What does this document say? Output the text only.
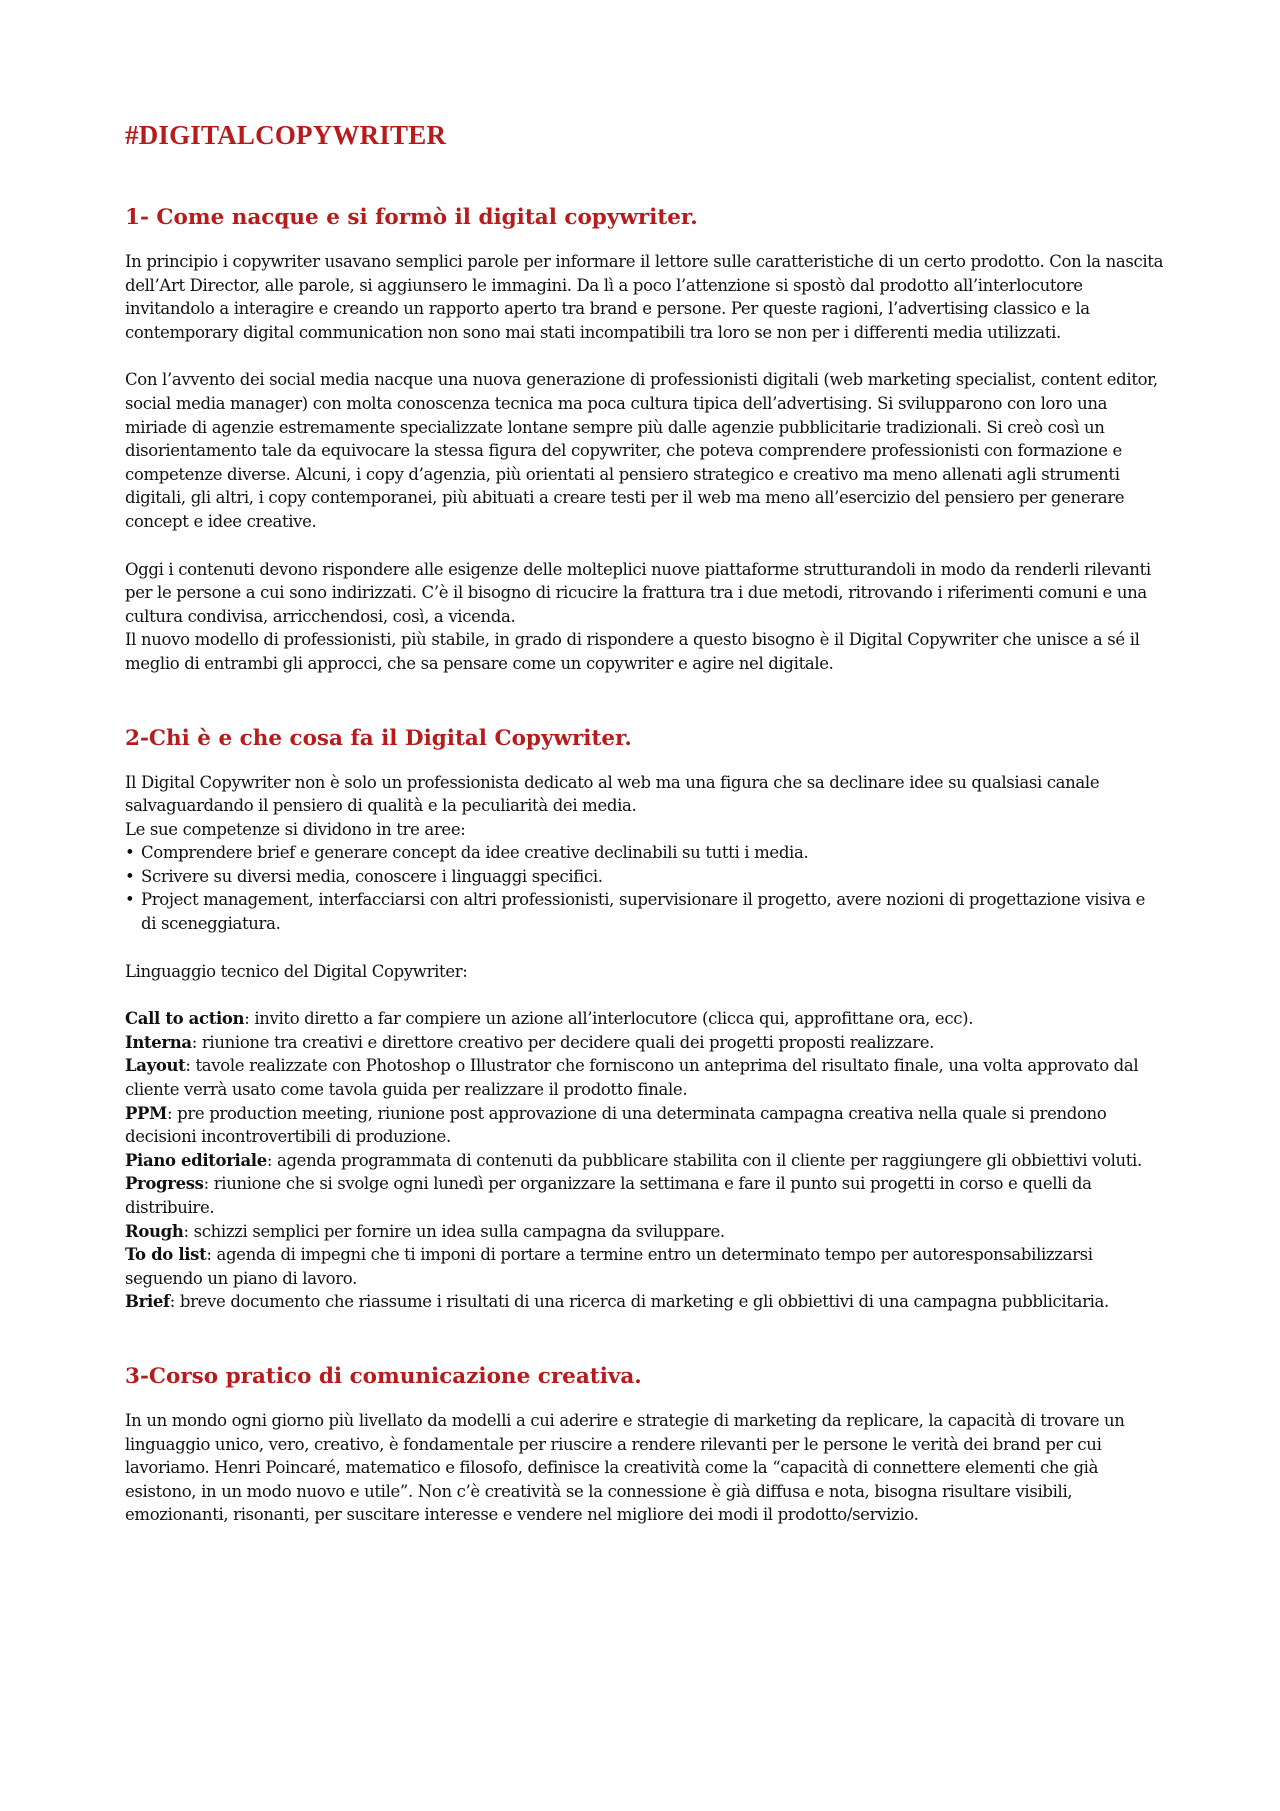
#DIGITALCOPYWRITER
1- Come nacque e si formò il digital copywriter.

In principio i copywriter usavano semplici parole per informare il lettore sulle caratteristiche di un certo prodotto. Con la nascita dell’Art Director, alle parole, si aggiunsero le immagini. Da lì a poco l’attenzione si spostò dal prodotto all’interlocutore invitandolo a interagire e creando un rapporto aperto tra brand e persone. Per queste ragioni, l’advertising classico e la contemporary digital communication non sono mai stati incompatibili tra loro se non per i differenti media utilizzati.

Con l’avvento dei social media nacque una nuova generazione di professionisti digitali (web marketing specialist, content editor, social media manager) con molta conoscenza tecnica ma poca cultura tipica dell’advertising. Si svilupparono con loro una miriade di agenzie estremamente specializzate lontane sempre più dalle agenzie pubblicitarie tradizionali. Si creò così un disorientamento tale da equivocare la stessa figura del copywriter, che poteva comprendere professionisti con formazione e competenze diverse. Alcuni, i copy d’agenzia, più orientati al pensiero strategico e creativo ma meno allenati agli strumenti digitali, gli altri, i copy contemporanei, più abituati a creare testi per il web ma meno all’esercizio del pensiero per generare concept e idee creative.

Oggi i contenuti devono rispondere alle esigenze delle molteplici nuove piattaforme strutturandoli in modo da renderli rilevanti per le persone a cui sono indirizzati. C’è il bisogno di ricucire la frattura tra i due metodi, ritrovando i riferimenti comuni e una cultura condivisa, arricchendosi, così, a vicenda.

Il nuovo modello di professionisti, più stabile, in grado di rispondere a questo bisogno è il Digital Copywriter che unisce a sé il meglio di entrambi gli approcci, che sa pensare come un copywriter e agire nel digitale.

2-Chi è e che cosa fa il Digital Copywriter.

Il Digital Copywriter non è solo un professionista dedicato al web ma una figura che sa declinare idee su qualsiasi canale salvaguardando il pensiero di qualità e la peculiarità dei media.

Le sue competenze si dividono in tre aree:

• Comprendere brief e generare concept da idee creative declinabili su tutti i media.
• Scrivere su diversi media, conoscere i linguaggi specifici.
• Project management, interfacciarsi con altri professionisti, supervisionare il progetto, avere nozioni di progettazione visiva e di sceneggiatura.

Linguaggio tecnico del Digital Copywriter:

Call to action: invito diretto a far compiere un azione all’interlocutore (clicca qui, approfittane ora, ecc).
Interna: riunione tra creativi e direttore creativo per decidere quali dei progetti proposti realizzare.
Layout: tavole realizzate con Photoshop o Illustrator che forniscono un anteprima del risultato finale, una volta approvato dal cliente verrà usato come tavola guida per realizzare il prodotto finale.
PPM: pre production meeting, riunione post approvazione di una determinata campagna creativa nella quale si prendono decisioni incontrovertibili di produzione.
Piano editoriale: agenda programmata di contenuti da pubblicare stabilita con il cliente per raggiungere gli obbiettivi voluti.
Progress: riunione che si svolge ogni lunedì per organizzare la settimana e fare il punto sui progetti in corso e quelli da distribuire.
Rough: schizzi semplici per fornire un idea sulla campagna da sviluppare.
To do list: agenda di impegni che ti imponi di portare a termine entro un determinato tempo per autoresponsabilizzarsi seguendo un piano di lavoro.
Brief: breve documento che riassume i risultati di una ricerca di marketing e gli obbiettivi di una campagna pubblicitaria.
3-Corso pratico di comunicazione creativa.

In un mondo ogni giorno più livellato da modelli a cui aderire e strategie di marketing da replicare, la capacità di trovare un linguaggio unico, vero, creativo, è fondamentale per riuscire a rendere rilevanti per le persone le verità dei brand per cui lavoriamo. Henri Poincaré, matematico e filosofo, definisce la creatività come la “capacità di connettere elementi che già esistono, in un modo nuovo e utile”. Non c’è creatività se la connessione è già diffusa e nota, bisogna risultare visibili, emozionanti, risonanti, per suscitare interesse e vendere nel migliore dei modi il prodotto/servizio.
